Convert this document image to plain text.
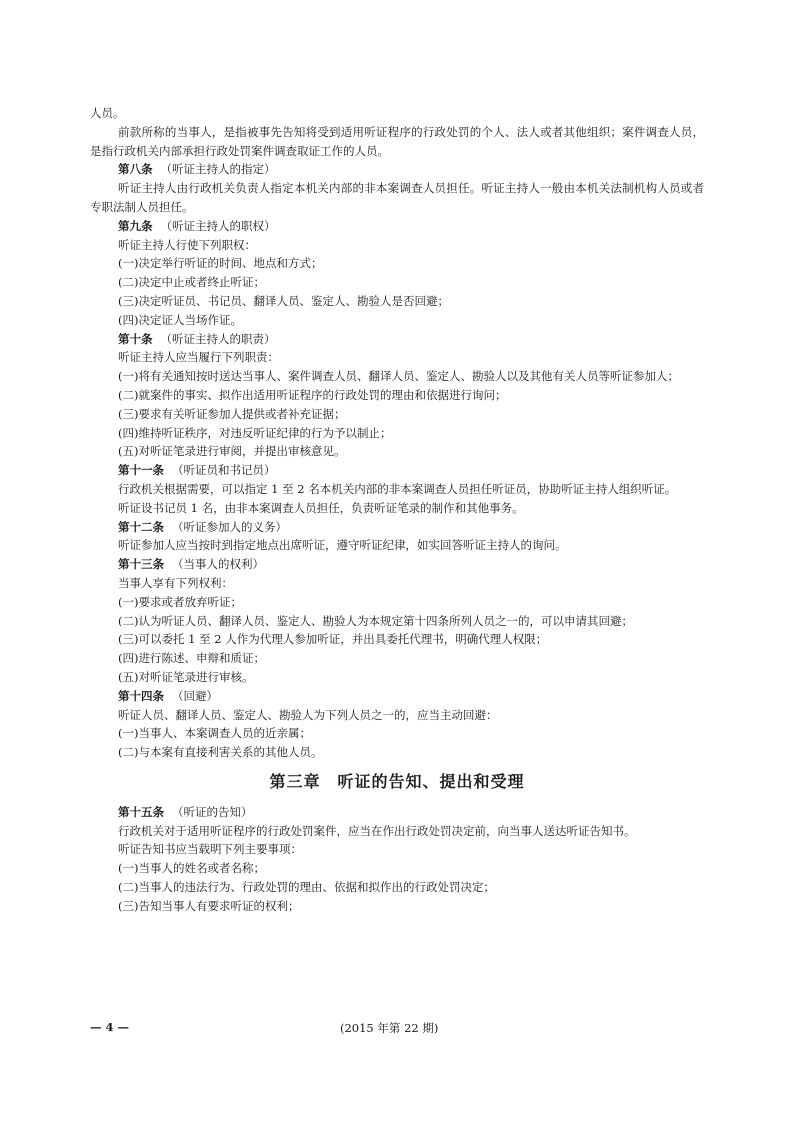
人员。

前款所称的当事人，是指被事先告知将受到适用听证程序的行政处罚的个人、法人或者其他组织；案件调查人员，是指行政机关内部承担行政处罚案件调查取证工作的人员。

第八条 （听证主持人的指定）

听证主持人由行政机关负责人指定本机关内部的非本案调查人员担任。听证主持人一般由本机关法制机构人员或者专职法制人员担任。

第九条 （听证主持人的职权）

听证主持人行使下列职权：

(一)决定举行听证的时间、地点和方式；

(二)决定中止或者终止听证；

(三)决定听证员、书记员、翻译人员、鉴定人、勘验人是否回避；

(四)决定证人当场作证。

第十条 （听证主持人的职责）

听证主持人应当履行下列职责：

(一)将有关通知按时送达当事人、案件调查人员、翻译人员、鉴定人、勘验人以及其他有关人员等听证参加人；

(二)就案件的事实、拟作出适用听证程序的行政处罚的理由和依据进行询问；

(三)要求有关听证参加人提供或者补充证据；

(四)维持听证秩序，对违反听证纪律的行为予以制止；

(五)对听证笔录进行审阅，并提出审核意见。

第十一条 （听证员和书记员）

行政机关根据需要，可以指定 1 至 2 名本机关内部的非本案调查人员担任听证员，协助听证主持人组织听证。

听证设书记员 1 名，由非本案调查人员担任，负责听证笔录的制作和其他事务。

第十二条 （听证参加人的义务）

听证参加人应当按时到指定地点出席听证，遵守听证纪律，如实回答听证主持人的询问。

第十三条 （当事人的权利）

当事人享有下列权利：

(一)要求或者放弃听证；

(二)认为听证人员、翻译人员、鉴定人、勘验人为本规定第十四条所列人员之一的，可以申请其回避；

(三)可以委托 1 至 2 人作为代理人参加听证，并出具委托代理书，明确代理人权限；

(四)进行陈述、申辩和质证；

(五)对听证笔录进行审核。

第十四条 （回避）

听证人员、翻译人员、鉴定人、勘验人为下列人员之一的，应当主动回避：

(一)当事人、本案调查人员的近亲属；

(二)与本案有直接利害关系的其他人员。

第三章　听证的告知、提出和受理

第十五条 （听证的告知）

行政机关对于适用听证程序的行政处罚案件，应当在作出行政处罚决定前，向当事人送达听证告知书。

听证告知书应当载明下列主要事项：

(一)当事人的姓名或者名称；

(二)当事人的违法行为、行政处罚的理由、依据和拟作出的行政处罚决定；

(三)告知当事人有要求听证的权利；

— 4 —	(2015 年第 22 期)
